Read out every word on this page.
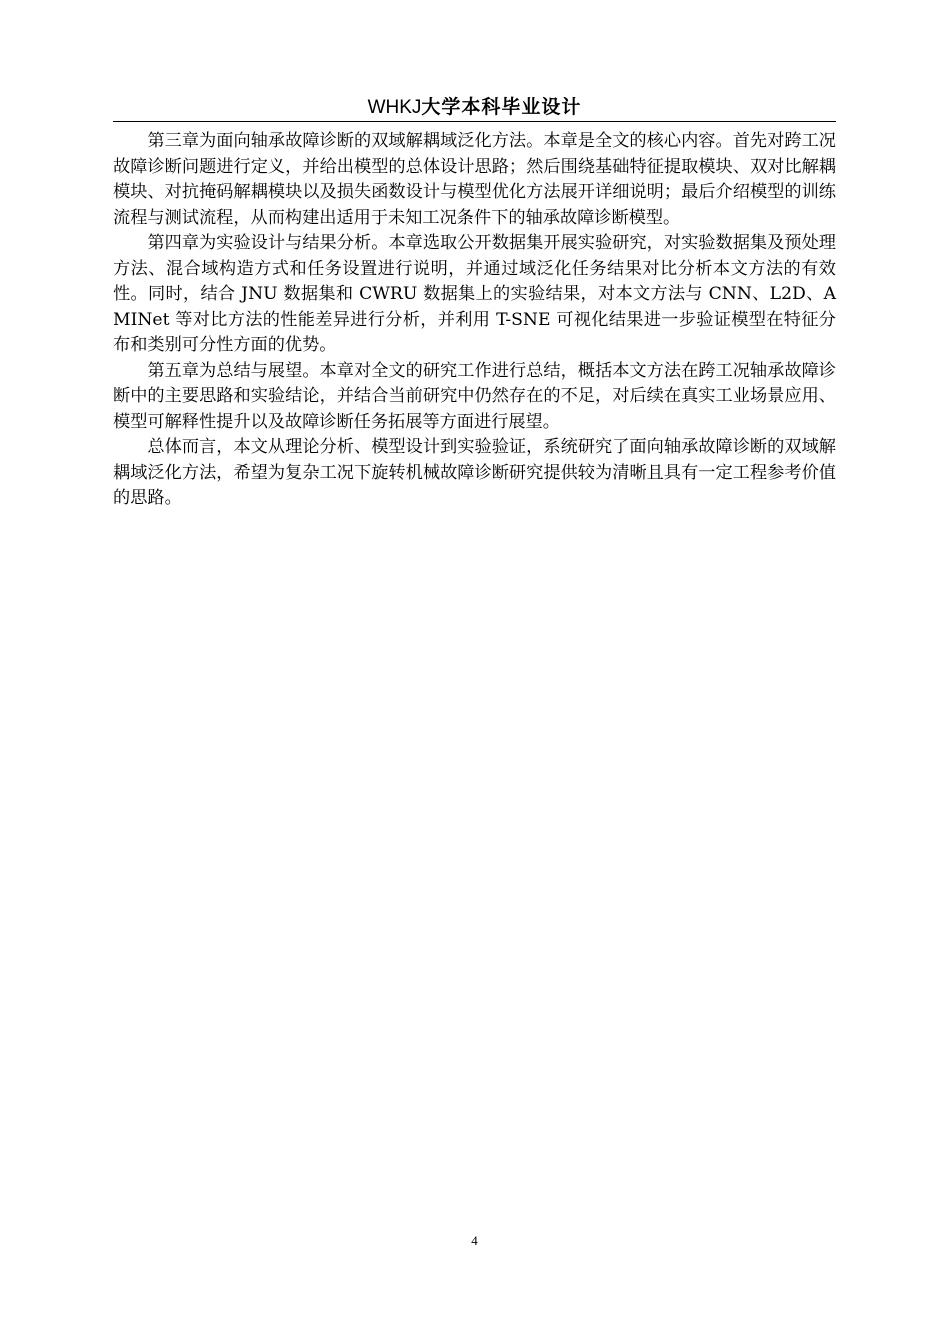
WHKJ大学本科毕业设计

第三章为面向轴承故障诊断的双域解耦域泛化方法。本章是全文的核心内容。首先对跨工况故障诊断问题进行定义，并给出模型的总体设计思路；然后围绕基础特征提取模块、双对比解耦模块、对抗掩码解耦模块以及损失函数设计与模型优化方法展开详细说明；最后介绍模型的训练流程与测试流程，从而构建出适用于未知工况条件下的轴承故障诊断模型。

第四章为实验设计与结果分析。本章选取公开数据集开展实验研究，对实验数据集及预处理方法、混合域构造方式和任务设置进行说明，并通过域泛化任务结果对比分析本文方法的有效性。同时，结合 JNU 数据集和 CWRU 数据集上的实验结果，对本文方法与 CNN、L2D、AMINet 等对比方法的性能差异进行分析，并利用 T-SNE 可视化结果进一步验证模型在特征分布和类别可分性方面的优势。

第五章为总结与展望。本章对全文的研究工作进行总结，概括本文方法在跨工况轴承故障诊断中的主要思路和实验结论，并结合当前研究中仍然存在的不足，对后续在真实工业场景应用、模型可解释性提升以及故障诊断任务拓展等方面进行展望。

总体而言，本文从理论分析、模型设计到实验验证，系统研究了面向轴承故障诊断的双域解耦域泛化方法，希望为复杂工况下旋转机械故障诊断研究提供较为清晰且具有一定工程参考价值的思路。

4
